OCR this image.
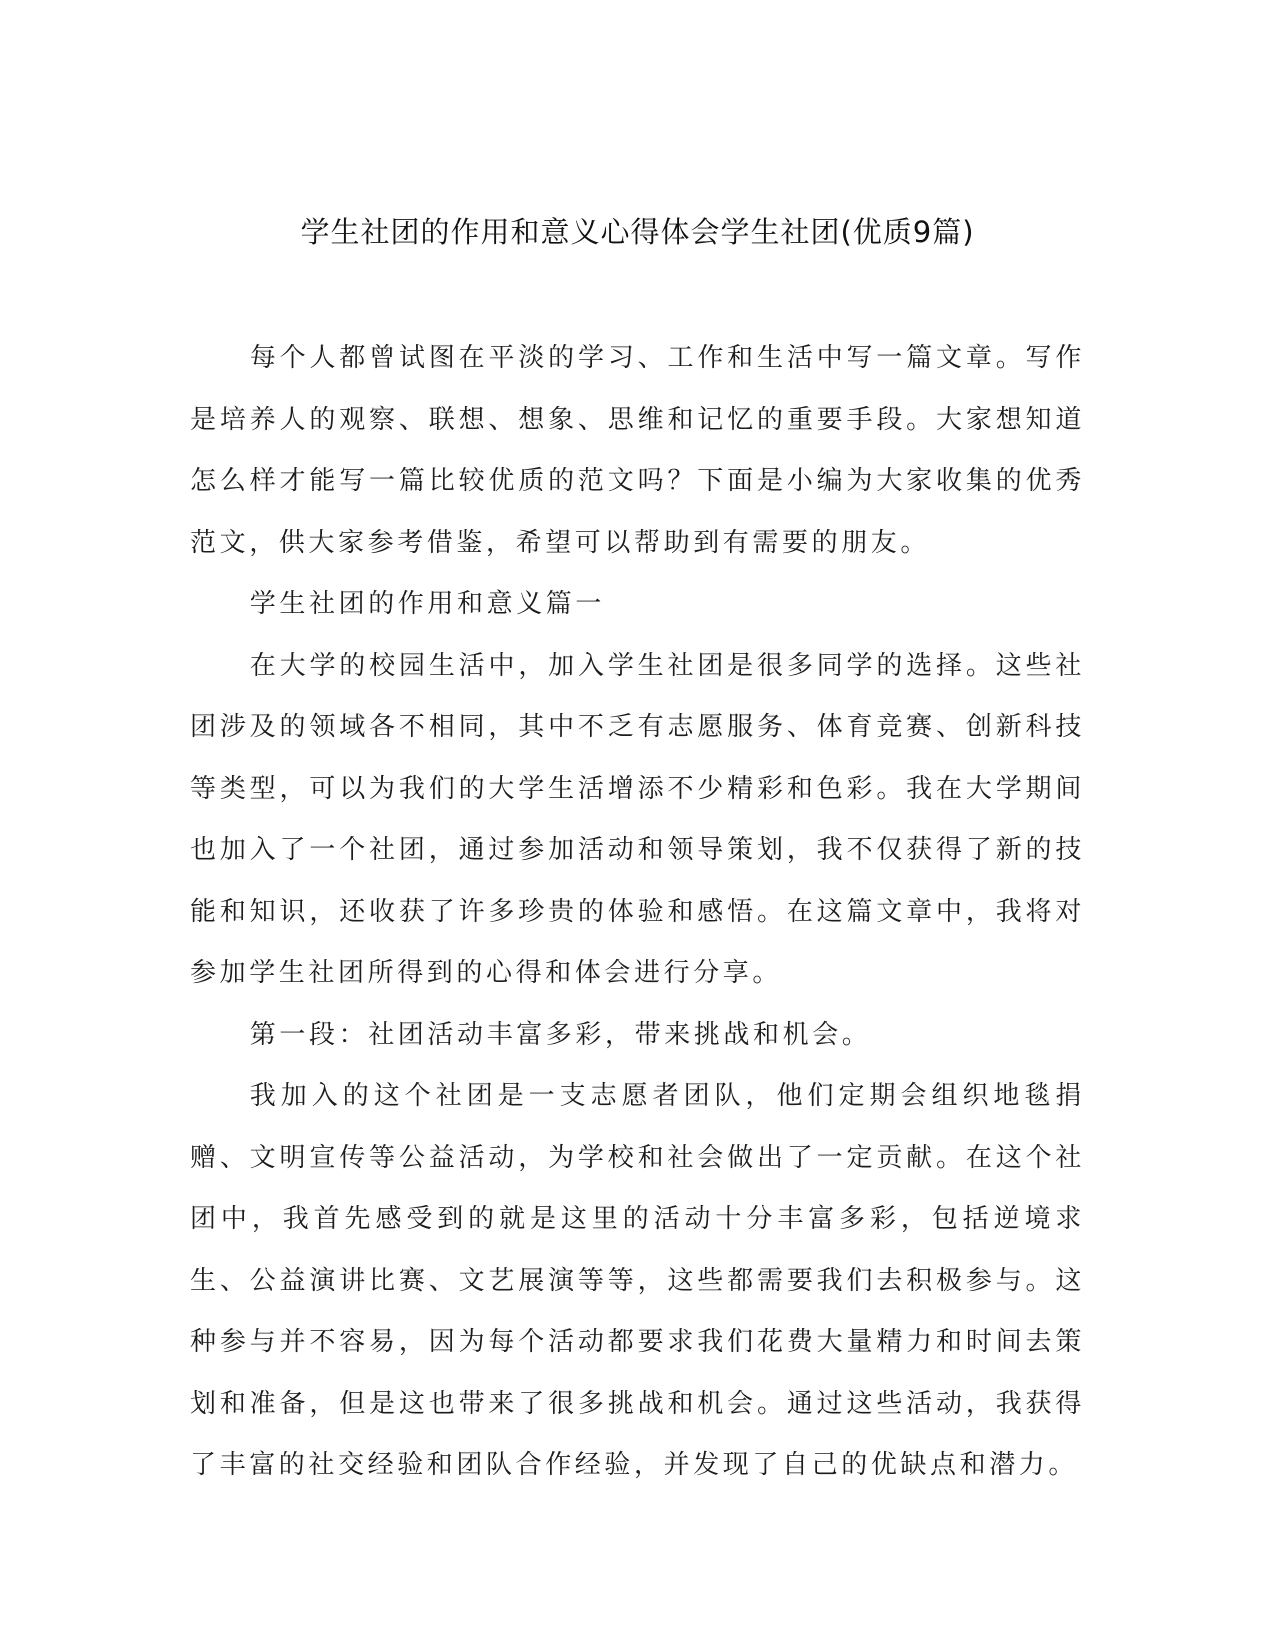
学生社团的作用和意义心得体会学生社团(优质9篇)

每个人都曾试图在平淡的学习、工作和生活中写一篇文章。写作是培养人的观察、联想、想象、思维和记忆的重要手段。大家想知道怎么样才能写一篇比较优质的范文吗？下面是小编为大家收集的优秀范文，供大家参考借鉴，希望可以帮助到有需要的朋友。

学生社团的作用和意义篇一

在大学的校园生活中，加入学生社团是很多同学的选择。这些社团涉及的领域各不相同，其中不乏有志愿服务、体育竞赛、创新科技等类型，可以为我们的大学生活增添不少精彩和色彩。我在大学期间也加入了一个社团，通过参加活动和领导策划，我不仅获得了新的技能和知识，还收获了许多珍贵的体验和感悟。在这篇文章中，我将对参加学生社团所得到的心得和体会进行分享。

第一段：社团活动丰富多彩，带来挑战和机会。

我加入的这个社团是一支志愿者团队，他们定期会组织地毯捐赠、文明宣传等公益活动，为学校和社会做出了一定贡献。在这个社团中，我首先感受到的就是这里的活动十分丰富多彩，包括逆境求生、公益演讲比赛、文艺展演等等，这些都需要我们去积极参与。这种参与并不容易，因为每个活动都要求我们花费大量精力和时间去策划和准备，但是这也带来了很多挑战和机会。通过这些活动，我获得了丰富的社交经验和团队合作经验，并发现了自己的优缺点和潜力。
